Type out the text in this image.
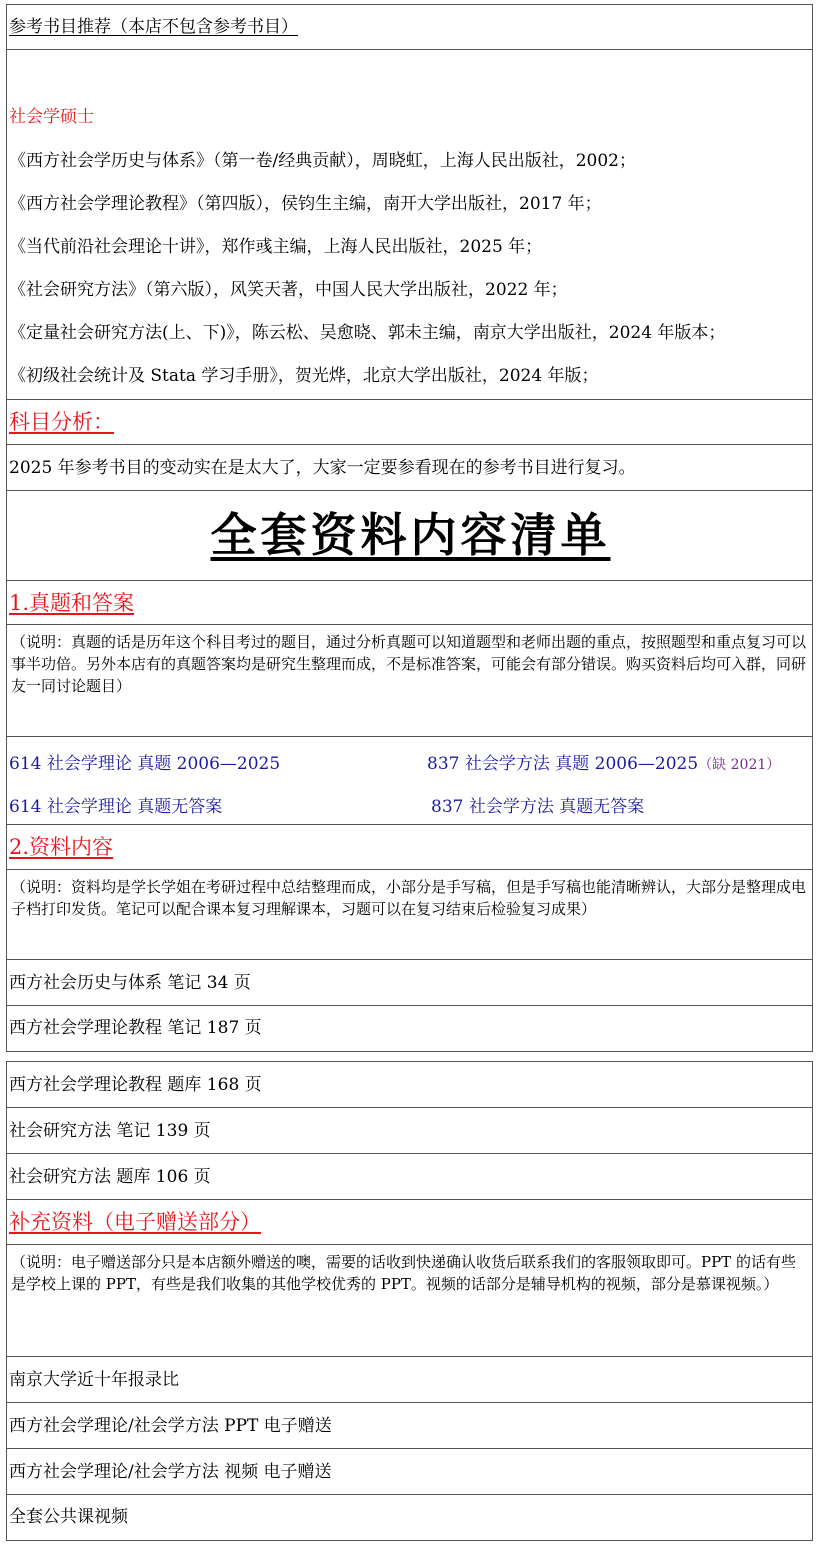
参考书目推荐（本店不包含参考书目）
社会学硕士
《西方社会学历史与体系》（第一卷/经典贡献），周晓虹，上海人民出版社，2002；
《西方社会学理论教程》（第四版），侯钧生主编，南开大学出版社，2017 年；
《当代前沿社会理论十讲》，郑作彧主编，上海人民出版社，2025 年；
《社会研究方法》（第六版），风笑天著，中国人民大学出版社，2022 年；
《定量社会研究方法(上、下)》，陈云松、吴愈晓、郭未主编，南京大学出版社，2024 年版本；
《初级社会统计及 Stata 学习手册》，贺光烨，北京大学出版社，2024 年版；
科目分析：
2025 年参考书目的变动实在是太大了，大家一定要参看现在的参考书目进行复习。
全套资料内容清单
1.真题和答案
（说明：真题的话是历年这个科目考过的题目，通过分析真题可以知道题型和老师出题的重点，按照题型和重点复习可以事半功倍。另外本店有的真题答案均是研究生整理而成，不是标准答案，可能会有部分错误。购买资料后均可入群，同研友一同讨论题目）
614 社会学理论 真题 2006—2025	837 社会学方法 真题 2006—2025（缺 2021）
614 社会学理论 真题无答案	837 社会学方法 真题无答案
2.资料内容
（说明：资料均是学长学姐在考研过程中总结整理而成，小部分是手写稿，但是手写稿也能清晰辨认，大部分是整理成电子档打印发货。笔记可以配合课本复习理解课本，习题可以在复习结束后检验复习成果）
西方社会历史与体系 笔记 34 页
西方社会学理论教程 笔记 187 页
西方社会学理论教程 题库 168 页
社会研究方法 笔记 139 页
社会研究方法 题库 106 页
补充资料（电子赠送部分）
（说明：电子赠送部分只是本店额外赠送的噢，需要的话收到快递确认收货后联系我们的客服领取即可。PPT 的话有些是学校上课的 PPT，有些是我们收集的其他学校优秀的 PPT。视频的话部分是辅导机构的视频，部分是慕课视频。）
南京大学近十年报录比
西方社会学理论/社会学方法 PPT 电子赠送
西方社会学理论/社会学方法 视频 电子赠送
全套公共课视频
